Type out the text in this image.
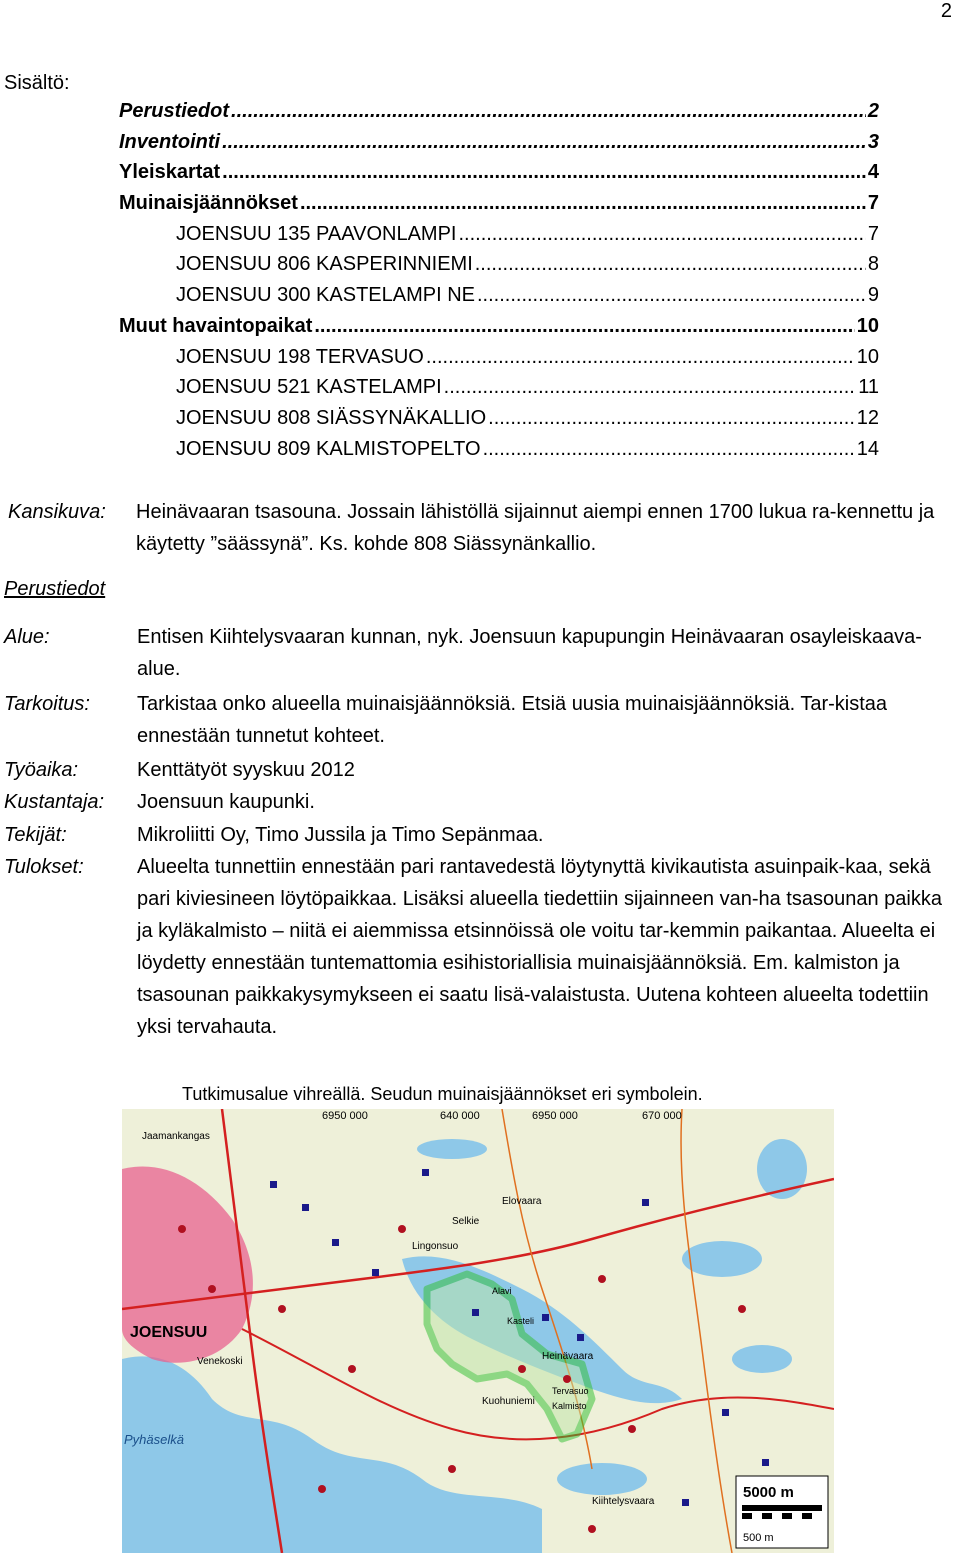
2
Sisältö:
Perustiedot .....	2
Inventointi .....	3
Yleiskartat .....	4
Muinaisjäännökset .....	7
JOENSUU 135 PAAVONLAMPI .....	7
JOENSUU 806 KASPERINNIEMI .....	8
JOENSUU 300 KASTELAMPI NE .....	9
Muut havaintopaikat .....	10
JOENSUU 198 TERVASUO .....	10
JOENSUU 521 KASTELAMPI .....	11
JOENSUU 808 SIÄSSYNÄKALLIO .....	12
JOENSUU 809 KALMISTOPELTO .....	14
Kansikuva:	Heinävaaran tsasouna. Jossain lähistöllä sijainnut aiempi ennen 1700 lukua ra-kennettu ja käytetty ”säässynä”. Ks. kohde 808 Siässynänkallio.
Perustiedot
Alue:	Entisen Kiihtelysvaaran kunnan, nyk. Joensuun kapupungin Heinävaaran osayleiskaava-alue.
Tarkoitus: Tarkistaa onko alueella muinaisjäännöksiä. Etsiä uusia muinaisjäännöksiä. Tar-kistaa ennestään tunnetut kohteet.
Työaika:	Kenttätyöt syyskuu 2012
Kustantaja: Joensuun kaupunki.
Tekijät:	Mikroliitti Oy, Timo Jussila ja Timo Sepänmaa.
Tulokset:	Alueelta tunnettiin ennestään pari rantavedestä löytynyttä kivikautista asuinpaik-kaa, sekä pari kiviesineen löytöpaikkaa. Lisäksi alueella tiedettiin sijainneen van-ha tsasounan paikka ja kyläkalmisto – niitä ei aiemmissa etsinnöissä ole voitu tar-kemmin paikantaa. Alueelta ei löydetty ennestään tuntemattomia esihistoriallisia muinaisjäännöksiä. Em. kalmiston ja tsasounan paikkakysymykseen ei saatu lisä-valaistusta. Uutena kohteen alueelta todettiin yksi tervahauta.
Tutkimusalue vihreällä. Seudun muinaisjäännökset eri symbolein.
6950 000	640 000	6950 000	670 000
JOENSUU
Jaamankangas
Elovaara
Selkie
Lingonsuo
Heinävaara
Kuohuniemi
Kiihtelysvaara
Pyhäselkä
Venekoski
Tervasuo
Kalmisto
Kasteli
Alavi
5000 m
500 m
